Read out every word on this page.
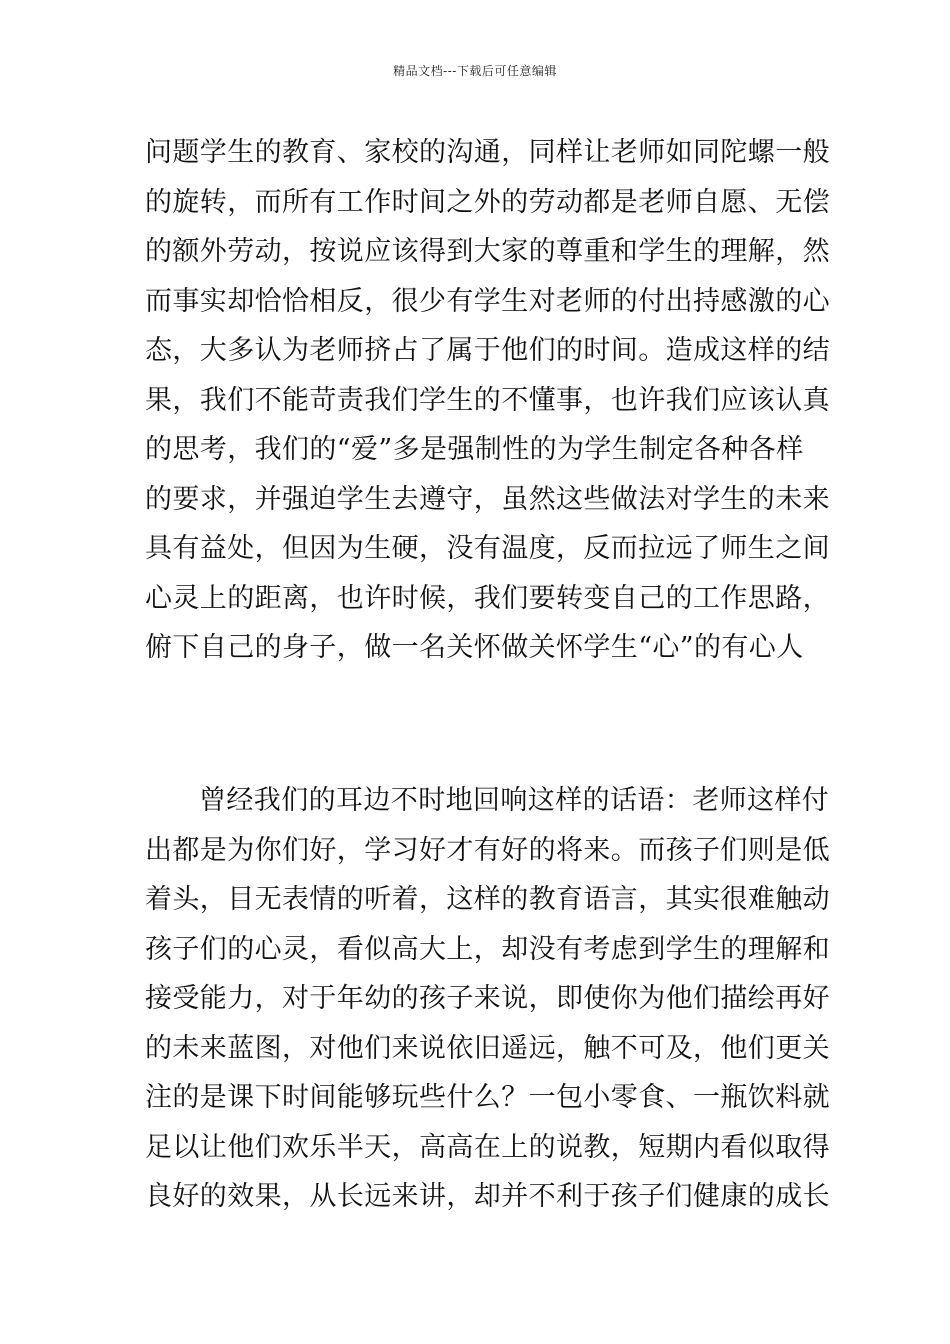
精品文档---下载后可任意编辑
问题学生的教育、家校的沟通，同样让老师如同陀螺一般
的旋转，而所有工作时间之外的劳动都是老师自愿、无偿
的额外劳动，按说应该得到大家的尊重和学生的理解，然
而事实却恰恰相反，很少有学生对老师的付出持感激的心
态，大多认为老师挤占了属于他们的时间。造成这样的结
果，我们不能苛责我们学生的不懂事，也许我们应该认真
的思考，我们的“爱”多是强制性的为学生制定各种各样
的要求，并强迫学生去遵守，虽然这些做法对学生的未来
具有益处，但因为生硬，没有温度，反而拉远了师生之间
心灵上的距离，也许时候，我们要转变自己的工作思路，
俯下自己的身子，做一名关怀做关怀学生“心”的有心人
曾经我们的耳边不时地回响这样的话语：老师这样付
出都是为你们好，学习好才有好的将来。而孩子们则是低
着头，目无表情的听着，这样的教育语言，其实很难触动
孩子们的心灵，看似高大上，却没有考虑到学生的理解和
接受能力，对于年幼的孩子来说，即使你为他们描绘再好
的未来蓝图，对他们来说依旧遥远，触不可及，他们更关
注的是课下时间能够玩些什么？一包小零食、一瓶饮料就
足以让他们欢乐半天，高高在上的说教，短期内看似取得
良好的效果，从长远来讲，却并不利于孩子们健康的成长
